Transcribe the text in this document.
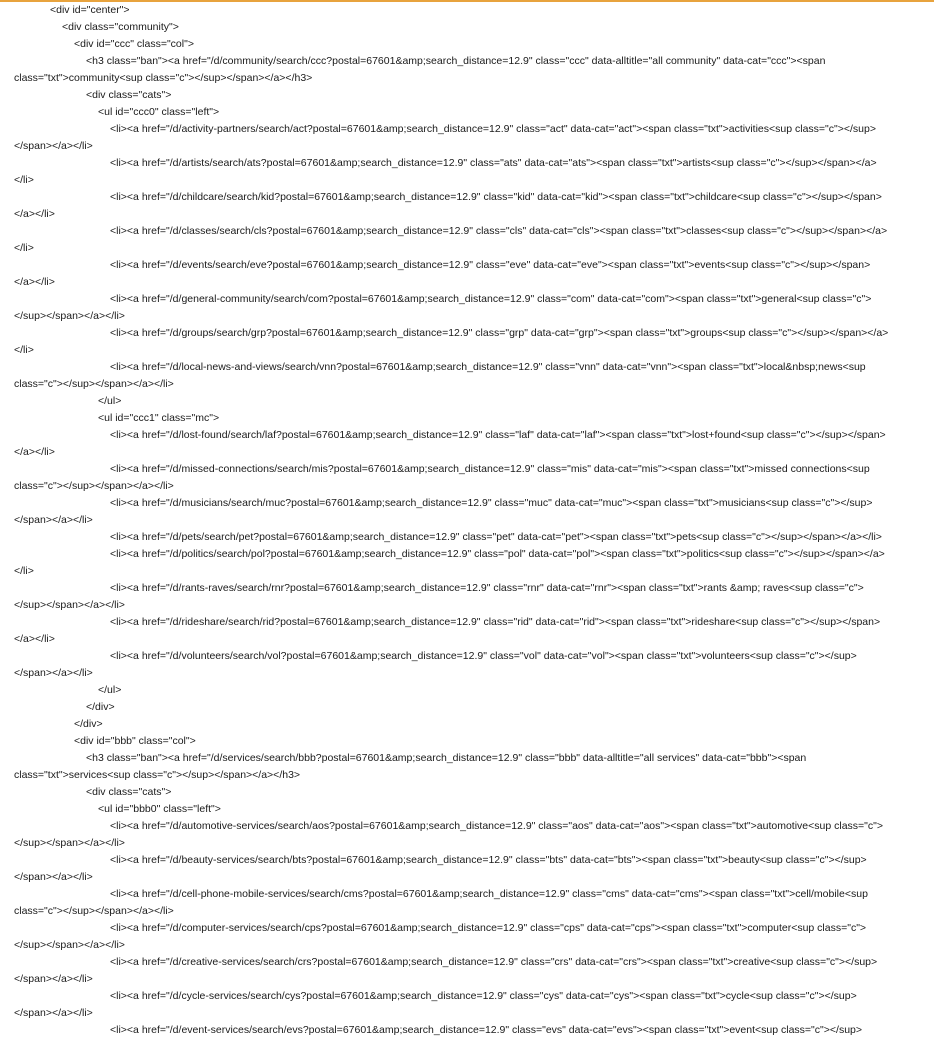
<div id="center">
<div class="community">
<div id="ccc" class="col">
<h3 class="ban"><a href="/d/community/search/ccc?postal=67601&amp;search_distance=12.9" class="ccc" data-alltitle="all community" data-cat="ccc"><span
class="txt">community<sup class="c"></sup></span></a></h3>
<div class="cats">
<ul id="ccc0" class="left">
<li><a href="/d/activity-partners/search/act?postal=67601&amp;search_distance=12.9" class="act" data-cat="act"><span class="txt">activities<sup class="c"></sup>
</span></a></li>
<li><a href="/d/artists/search/ats?postal=67601&amp;search_distance=12.9" class="ats" data-cat="ats"><span class="txt">artists<sup class="c"></sup></span></a>
</li>
<li><a href="/d/childcare/search/kid?postal=67601&amp;search_distance=12.9" class="kid" data-cat="kid"><span class="txt">childcare<sup class="c"></sup></span>
</a></li>
<li><a href="/d/classes/search/cls?postal=67601&amp;search_distance=12.9" class="cls" data-cat="cls"><span class="txt">classes<sup class="c"></sup></span></a>
</li>
<li><a href="/d/events/search/eve?postal=67601&amp;search_distance=12.9" class="eve" data-cat="eve"><span class="txt">events<sup class="c"></sup></span>
</a></li>
<li><a href="/d/general-community/search/com?postal=67601&amp;search_distance=12.9" class="com" data-cat="com"><span class="txt">general<sup class="c">
</sup></span></a></li>
<li><a href="/d/groups/search/grp?postal=67601&amp;search_distance=12.9" class="grp" data-cat="grp"><span class="txt">groups<sup class="c"></sup></span></a>
</li>
<li><a href="/d/local-news-and-views/search/vnn?postal=67601&amp;search_distance=12.9" class="vnn" data-cat="vnn"><span class="txt">local&nbsp;news<sup
class="c"></sup></span></a></li>
</ul>
<ul id="ccc1" class="mc">
<li><a href="/d/lost-found/search/laf?postal=67601&amp;search_distance=12.9" class="laf" data-cat="laf"><span class="txt">lost+found<sup class="c"></sup></span>
</a></li>
<li><a href="/d/missed-connections/search/mis?postal=67601&amp;search_distance=12.9" class="mis" data-cat="mis"><span class="txt">missed connections<sup
class="c"></sup></span></a></li>
<li><a href="/d/musicians/search/muc?postal=67601&amp;search_distance=12.9" class="muc" data-cat="muc"><span class="txt">musicians<sup class="c"></sup>
</span></a></li>
<li><a href="/d/pets/search/pet?postal=67601&amp;search_distance=12.9" class="pet" data-cat="pet"><span class="txt">pets<sup class="c"></sup></span></a></li>
<li><a href="/d/politics/search/pol?postal=67601&amp;search_distance=12.9" class="pol" data-cat="pol"><span class="txt">politics<sup class="c"></sup></span></a>
</li>
<li><a href="/d/rants-raves/search/rnr?postal=67601&amp;search_distance=12.9" class="rnr" data-cat="rnr"><span class="txt">rants &amp; raves<sup class="c">
</sup></span></a></li>
<li><a href="/d/rideshare/search/rid?postal=67601&amp;search_distance=12.9" class="rid" data-cat="rid"><span class="txt">rideshare<sup class="c"></sup></span>
</a></li>
<li><a href="/d/volunteers/search/vol?postal=67601&amp;search_distance=12.9" class="vol" data-cat="vol"><span class="txt">volunteers<sup class="c"></sup>
</span></a></li>
</ul>
</div>
</div>
<div id="bbb" class="col">
<h3 class="ban"><a href="/d/services/search/bbb?postal=67601&amp;search_distance=12.9" class="bbb" data-alltitle="all services" data-cat="bbb"><span
class="txt">services<sup class="c"></sup></span></a></h3>
<div class="cats">
<ul id="bbb0" class="left">
<li><a href="/d/automotive-services/search/aos?postal=67601&amp;search_distance=12.9" class="aos" data-cat="aos"><span class="txt">automotive<sup class="c">
</sup></span></a></li>
<li><a href="/d/beauty-services/search/bts?postal=67601&amp;search_distance=12.9" class="bts" data-cat="bts"><span class="txt">beauty<sup class="c"></sup>
</span></a></li>
<li><a href="/d/cell-phone-mobile-services/search/cms?postal=67601&amp;search_distance=12.9" class="cms" data-cat="cms"><span class="txt">cell/mobile<sup
class="c"></sup></span></a></li>
<li><a href="/d/computer-services/search/cps?postal=67601&amp;search_distance=12.9" class="cps" data-cat="cps"><span class="txt">computer<sup class="c">
</sup></span></a></li>
<li><a href="/d/creative-services/search/crs?postal=67601&amp;search_distance=12.9" class="crs" data-cat="crs"><span class="txt">creative<sup class="c"></sup>
</span></a></li>
<li><a href="/d/cycle-services/search/cys?postal=67601&amp;search_distance=12.9" class="cys" data-cat="cys"><span class="txt">cycle<sup class="c"></sup>
</span></a></li>
<li><a href="/d/event-services/search/evs?postal=67601&amp;search_distance=12.9" class="evs" data-cat="evs"><span class="txt">event<sup class="c"></sup>
